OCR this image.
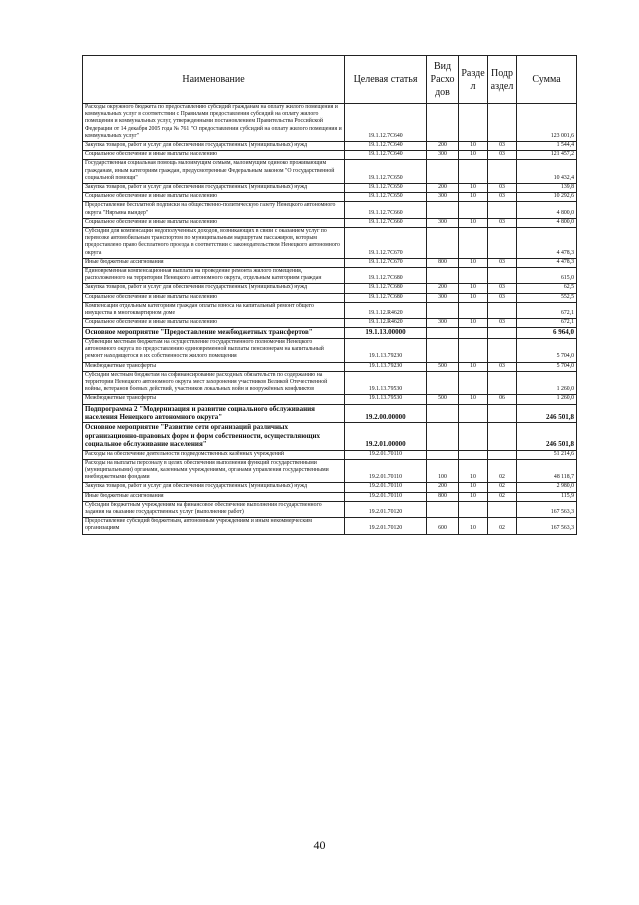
Наименование	Целевая статья	Вид Расхо дов	Разде л	Подр аздел	Сумма
Расходы окружного бюджета по предоставлению субсидий гражданам на оплату жилого помещения и коммунальных услуг в соответствии с Правилами предоставления субсидий на оплату жилого помещения и коммунальных услуг, утвержденными постановлением Правительства Российской Федерации от 14 декабря 2005 года № 761 "О предоставлении субсидий на оплату жилого помещения и коммунальных услуг"	19.1.12.7С640				123 001,6
Закупка товаров, работ и услуг для обеспечения государственных (муниципальных) нужд	19.1.12.7С640	200	10	03	1 544,4
Социальное обеспечение и иные выплаты населению	19.1.12.7С640	300	10	03	121 457,2
Государственная социальная помощь малоимущим семьям, малоимущим одиноко проживающим гражданам, иным категориям граждан, предусмотренные Федеральным законом "О государственной социальной помощи"	19.1.12.7С650				10 432,4
Закупка товаров, работ и услуг для обеспечения государственных (муниципальных) нужд	19.1.12.7С650	200	10	03	139,8
Социальное обеспечение и иные выплаты населению	19.1.12.7С650	300	10	03	10 292,6
Предоставление бесплатной подписки на общественно-политическую газету Ненецкого автономного округа "Няръяна вындер"	19.1.12.7С660				4 800,0
Социальное обеспечение и иные выплаты населению	19.1.12.7С660	300	10	03	4 800,0
Субсидии для компенсации недополученных доходов, возникающих в связи с оказанием услуг по перевозке автомобильным транспортом по муниципальным маршрутам пассажиров, которым предоставлено право бесплатного проезда в соответствии с законодательством Ненецкого автономного округа	19.1.12.7С670				4 478,3
Иные бюджетные ассигнования	19.1.12.7С670	800	10	03	4 478,3
Единовременная компенсационная выплата на проведение ремонта жилого помещения, расположенного на территории Ненецкого автономного округа, отдельным категориям граждан	19.1.12.7С680				615,0
Закупка товаров, работ и услуг для обеспечения государственных (муниципальных) нужд	19.1.12.7С680	200	10	03	62,5
Социальное обеспечение и иные выплаты населению	19.1.12.7С680	300	10	03	552,5
Компенсация отдельным категориям граждан оплаты взноса на капитальный ремонт общего имущества в многоквартирном доме	19.1.12.R4620				672,1
Социальное обеспечение и иные выплаты населению	19.1.12.R4620	300	10	03	672,1
Основное мероприятие "Предоставление межбюджетных трансфертов"	19.1.13.00000				6 964,0
Субвенции местным бюджетам на осуществление государственного полномочия Ненецкого автономного округа по предоставлению единовременной выплаты пенсионерам на капитальный ремонт находящегося в их собственности жилого помещения	19.1.13.79230				5 704,0
Межбюджетные трансферты	19.1.13.79230	500	10	03	5 704,0
Субсидии местным бюджетам на софинансирование расходных обязательств по содержанию на территории Ненецкого автономного округа мест захоронения участников Великой Отечественной войны, ветеранов боевых действий, участников локальных войн и вооружённых конфликтов	19.1.13.79530				1 260,0
Межбюджетные трансферты	19.1.13.79530	500	10	06	1 260,0
Подпрограмма 2 "Модернизация и развитие социального обслуживания населения Ненецкого автономного округа"	19.2.00.00000				246 501,8
Основное мероприятие "Развитие сети организаций различных организационно-правовых форм и форм собственности, осуществляющих социальное обслуживание населения"	19.2.01.00000				246 501,8
Расходы на обеспечение деятельности подведомственных казённых учреждений	19.2.01.70110				51 214,6
Расходы на выплаты персоналу в целях обеспечения выполнения функций государственными (муниципальными) органами, казенными учреждениями, органами управления государственными внебюджетными фондами	19.2.01.70110	100	10	02	48 118,7
Закупка товаров, работ и услуг для обеспечения государственных (муниципальных) нужд	19.2.01.70110	200	10	02	2 980,0
Иные бюджетные ассигнования	19.2.01.70110	800	10	02	115,9
Субсидии бюджетным учреждениям на финансовое обеспечение выполнения государственного задания на оказание государственных услуг (выполнение работ)	19.2.01.70120				167 563,3
Предоставление субсидий бюджетным, автономным учреждениям и иным некоммерческим организациям	19.2.01.70120	600	10	02	167 563,3
40
